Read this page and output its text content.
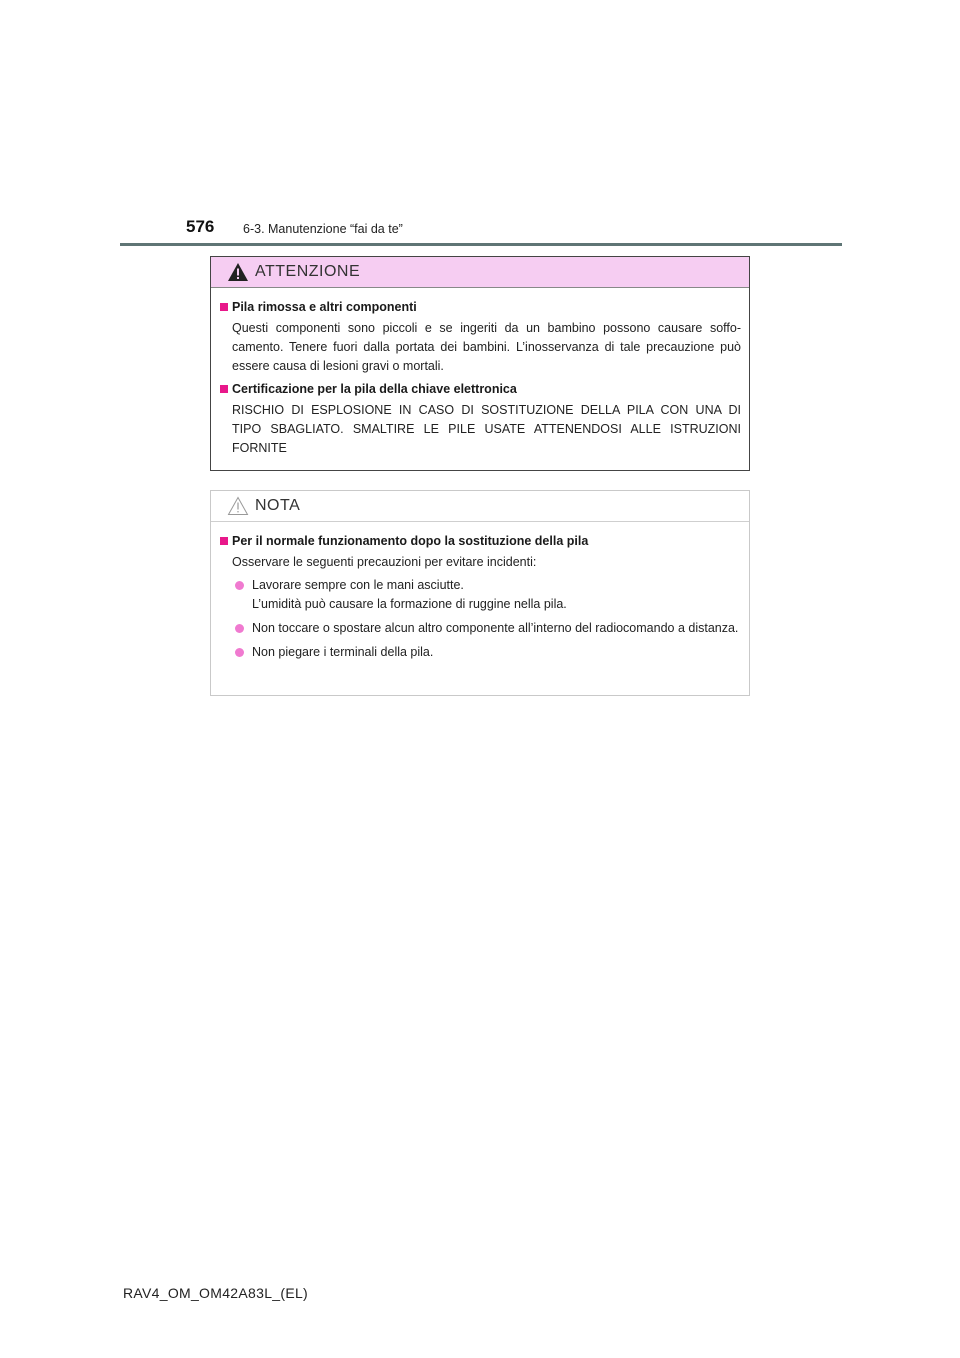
576 6-3. Manutenzione “fai da te”
ATTENZIONE
Pila rimossa e altri componenti
Questi componenti sono piccoli e se ingeriti da un bambino possono causare soffo-camento. Tenere fuori dalla portata dei bambini. L’inosservanza di tale precauzione può essere causa di lesioni gravi o mortali.
Certificazione per la pila della chiave elettronica
RISCHIO DI ESPLOSIONE IN CASO DI SOSTITUZIONE DELLA PILA CON UNA DI TIPO SBAGLIATO. SMALTIRE LE PILE USATE ATTENENDOSI ALLE ISTRUZIONI FORNITE
NOTA
Per il normale funzionamento dopo la sostituzione della pila
Osservare le seguenti precauzioni per evitare incidenti:
Lavorare sempre con le mani asciutte.
L’umidità può causare la formazione di ruggine nella pila.
Non toccare o spostare alcun altro componente all’interno del radiocomando a distanza.
Non piegare i terminali della pila.
RAV4_OM_OM42A83L_(EL)
